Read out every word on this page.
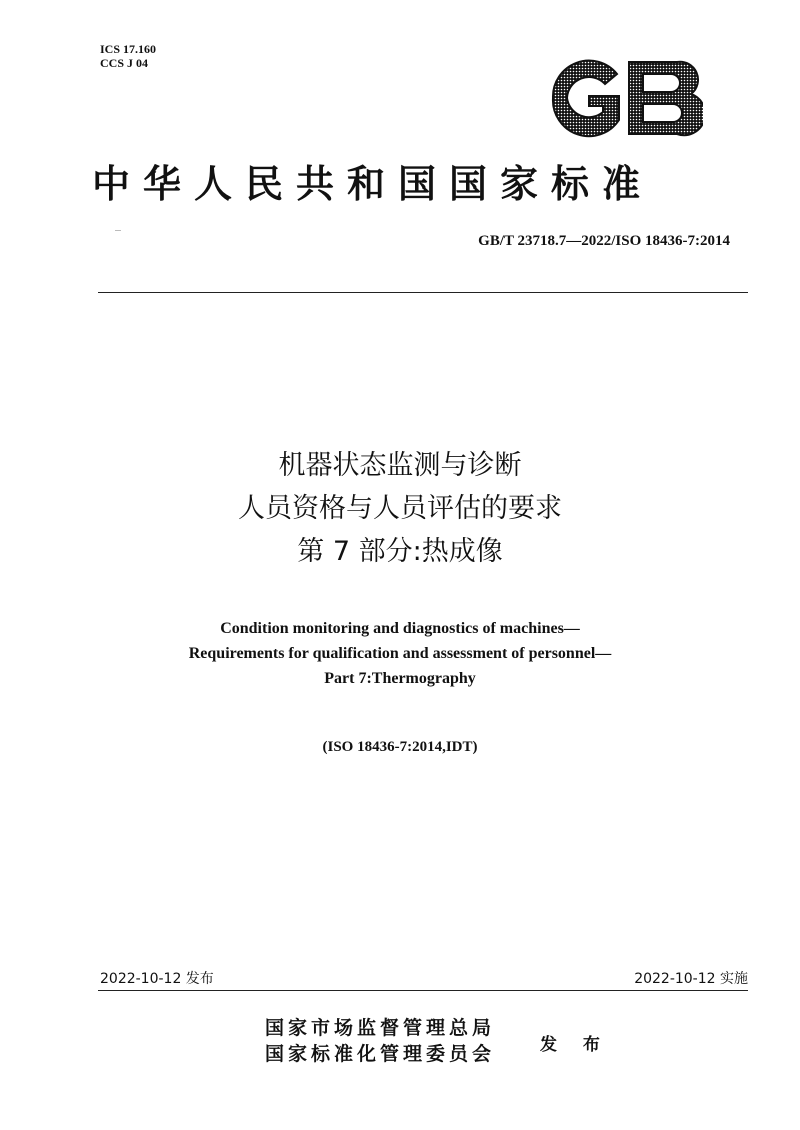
ICS 17.160
CCS J 04	GB
中华人民共和国国家标准
GB/T 23718.7—2022/ISO 18436-7:2014
机器状态监测与诊断
人员资格与人员评估的要求
第 7 部分:热成像
Condition monitoring and diagnostics of machines—
Requirements for qualification and assessment of personnel—
Part 7:Thermography
(ISO 18436-7:2014,IDT)
2022-10-12 发布	2022-10-12 实施
国家市场监督管理总局
国家标准化管理委员会	发 布
